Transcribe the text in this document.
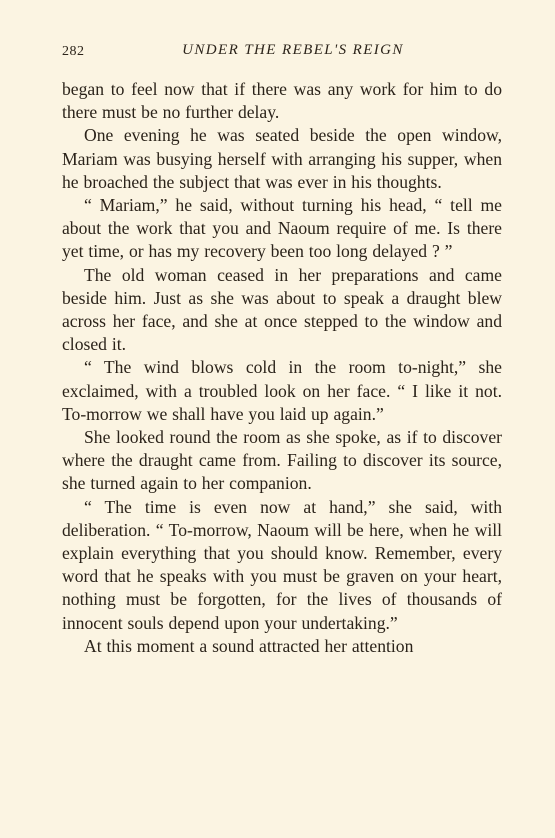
282	UNDER THE REBEL'S REIGN

began to feel now that if there was any work for him to do there must be no further delay.

One evening he was seated beside the open window, Mariam was busying herself with arranging his supper, when he broached the subject that was ever in his thoughts.

“ Mariam,” he said, without turning his head, “ tell me about the work that you and Naoum require of me. Is there yet time, or has my recovery been too long delayed ? ”

The old woman ceased in her preparations and came beside him. Just as she was about to speak a draught blew across her face, and she at once stepped to the window and closed it.

“ The wind blows cold in the room to-night,” she exclaimed, with a troubled look on her face. “ I like it not. To-morrow we shall have you laid up again.”

She looked round the room as she spoke, as if to discover where the draught came from. Failing to discover its source, she turned again to her companion.

“ The time is even now at hand,” she said, with deliberation. “ To-morrow, Naoum will be here, when he will explain everything that you should know. Remember, every word that he speaks with you must be graven on your heart, nothing must be forgotten, for the lives of thousands of innocent souls depend upon your undertaking.”

At this moment a sound attracted her attention
